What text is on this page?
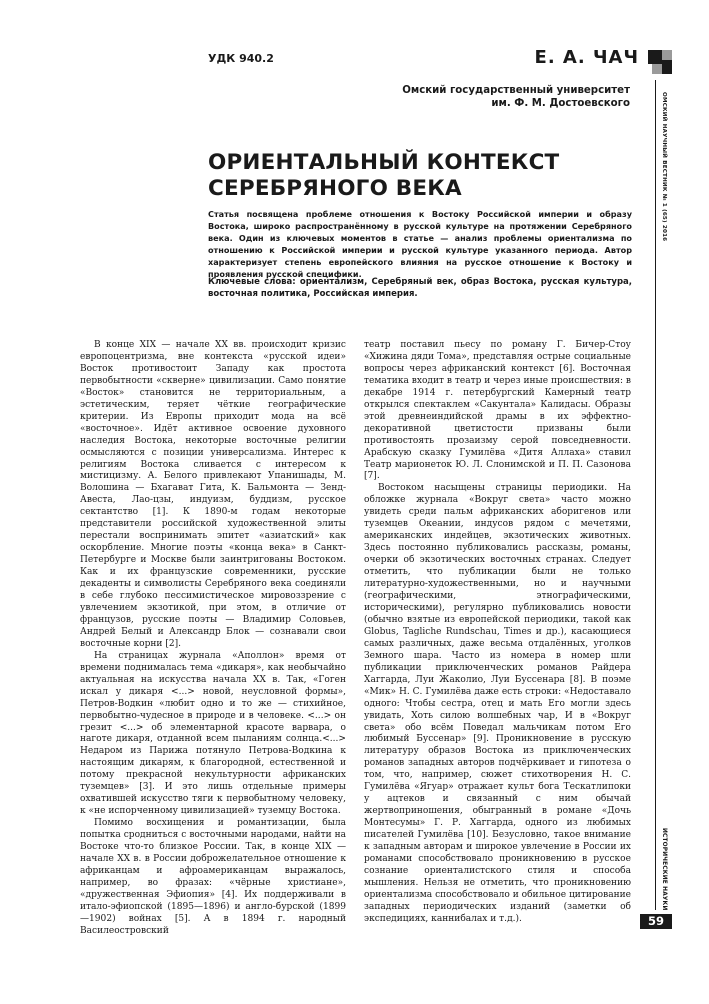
УДК 940.2	Е. А. ЧАЧ
Омский государственный университет
им. Ф. М. Достоевского
ОРИЕНТАЛЬНЫЙ КОНТЕКСТ
СЕРЕБРЯНОГО ВЕКА
Статья посвящена проблеме отношения к Востоку Российской империи и образу Востока, широко распространённому в русской культуре на протяжении Серебряного века. Один из ключевых моментов в статье — анализ проблемы ориентализма по отношению к Российской империи и русской культуре указанного периода. Автор характеризует степень европейского влияния на русское отношение к Востоку и проявления русской специфики.
Ключевые слова: ориентализм, Серебряный век, образ Востока, русская культура, восточная политика, Российская империя.

В конце XIX — начале XX вв. происходит кризис европоцентризма, вне контекста «русской идеи» Восток противостоит Западу как простота первобытности «скверне» цивилизации. Само понятие «Восток» становится не территориальным, а эстетическим, теряет чёткие географические критерии. Из Европы приходит мода на всё «восточное». Идёт активное освоение духовного наследия Востока, некоторые восточные религии осмысляются с позиции универсализма. Интерес к религиям Востока сливается с интересом к мистицизму. А. Белого привлекают Упанишады, М. Волошина — Бхагават Гита, К. Бальмонта — Зенд-Авеста, Лао-цзы, индуизм, буддизм, русское сектантство [1]. К 1890-м годам некоторые представители российской художественной элиты перестали воспринимать эпитет «азиатский» как оскорбление. Многие поэты «конца века» в Санкт-Петербурге и Москве были заинтригованы Востоком. Как и их французские современники, русские декаденты и символисты Серебряного века соединяли в себе глубоко пессимистическое мировоззрение с увлечением экзотикой, при этом, в отличие от французов, русские поэты — Владимир Соловьев, Андрей Белый и Александр Блок — сознавали свои восточные корни [2].

На страницах журнала «Аполлон» время от времени поднималась тема «дикаря», как необычайно актуальная на искусства начала XX в. Так, «Гоген искал у дикаря <...> новой, неусловной формы», Петров-Водкин «любит одно и то же — стихийное, первобытно-чудесное в природе и в человеке. <...> он грезит <...> об элементарной красоте варвара, о наготе дикаря, отданной всем пыланиям солнца.<...> Недаром из Парижа потянуло Петрова-Водкина к настоящим дикарям, к благородной, естественной и потому прекрасной некультурности африканских туземцев» [3]. И это лишь отдельные примеры охватившей искусство тяги к первобытному человеку, к «не испорченному цивилизацией» туземцу Востока.

Помимо восхищения и романтизации, была попытка сродниться с восточными народами, найти на Востоке что-то близкое России. Так, в конце XIX — начале XX в. в России доброжелательное отношение к африканцам и афроамериканцам выражалось, например, во фразах: «чёрные христиане», «дружественная Эфиопия» [4]. Их поддерживали в итало-эфиопской (1895—1896) и англо-бурской (1899—1902) войнах [5]. А в 1894 г. народный Василеостровский

театр поставил пьесу по роману Г. Бичер-Стоу «Хижина дяди Тома», представляя острые социальные вопросы через африканский контекст [6]. Восточная тематика входит в театр и через иные происшествия: в декабре 1914 г. петербургский Камерный театр открылся спектаклем «Сакунтала» Калидасы. Образы этой древнеиндийской драмы в их эффектно-декоративной цветистости призваны были противостоять прозаизму серой повседневности. Арабскую сказку Гумилёва «Дитя Аллаха» ставил Театр марионеток Ю. Л. Слонимской и П. П. Сазонова [7].

Востоком насыщены страницы периодики. На обложке журнала «Вокруг света» часто можно увидеть среди пальм африканских аборигенов или туземцев Океании, индусов рядом с мечетями, американских индейцев, экзотических животных. Здесь постоянно публиковались рассказы, романы, очерки об экзотических восточных странах. Следует отметить, что публикации были не только литературно-художественными, но и научными (географическими, этнографическими, историческими), регулярно публиковались новости (обычно взятые из европейской периодики, такой как Globus, Tagliche Rundschau, Times и др.), касающиеся самых различных, даже весьма отдалённых, уголков Земного шара. Часто из номера в номер шли публикации приключенческих романов Райдера Хаггарда, Луи Жаколио, Луи Буссенара [8]. В поэме «Мик» Н. С. Гумилёва даже есть строки: «Недоставало одного: Чтобы сестра, отец и мать Его могли здесь увидать, Хоть силою волшебных чар, И в «Вокруг света» обо всём Поведал мальчикам потом Его любимый Буссенар» [9]. Проникновение в русскую литературу образов Востока из приключенческих романов западных авторов подчёркивает и гипотеза о том, что, например, сюжет стихотворения Н. С. Гумилёва «Ягуар» отражает культ бога Тескатлипоки у ацтеков и связанный с ним обычай жертвоприношения, обыгранный в романе «Дочь Монтесумы» Г. Р. Хаггарда, одного из любимых писателей Гумилёва [10]. Безусловно, такое внимание к западным авторам и широкое увлечение в России их романами способствовало проникновению в русское сознание ориенталистского стиля и способа мышления. Нельзя не отметить, что проникновению ориентализма способствовало и обильное цитирование западных периодических изданий (заметки об экспедициях, каннибалах и т.д.).

ОМСКИЙ НАУЧНЫЙ ВЕСТНИК № 1 (65) 2016
ИСТОРИЧЕСКИЕ НАУКИ
59
